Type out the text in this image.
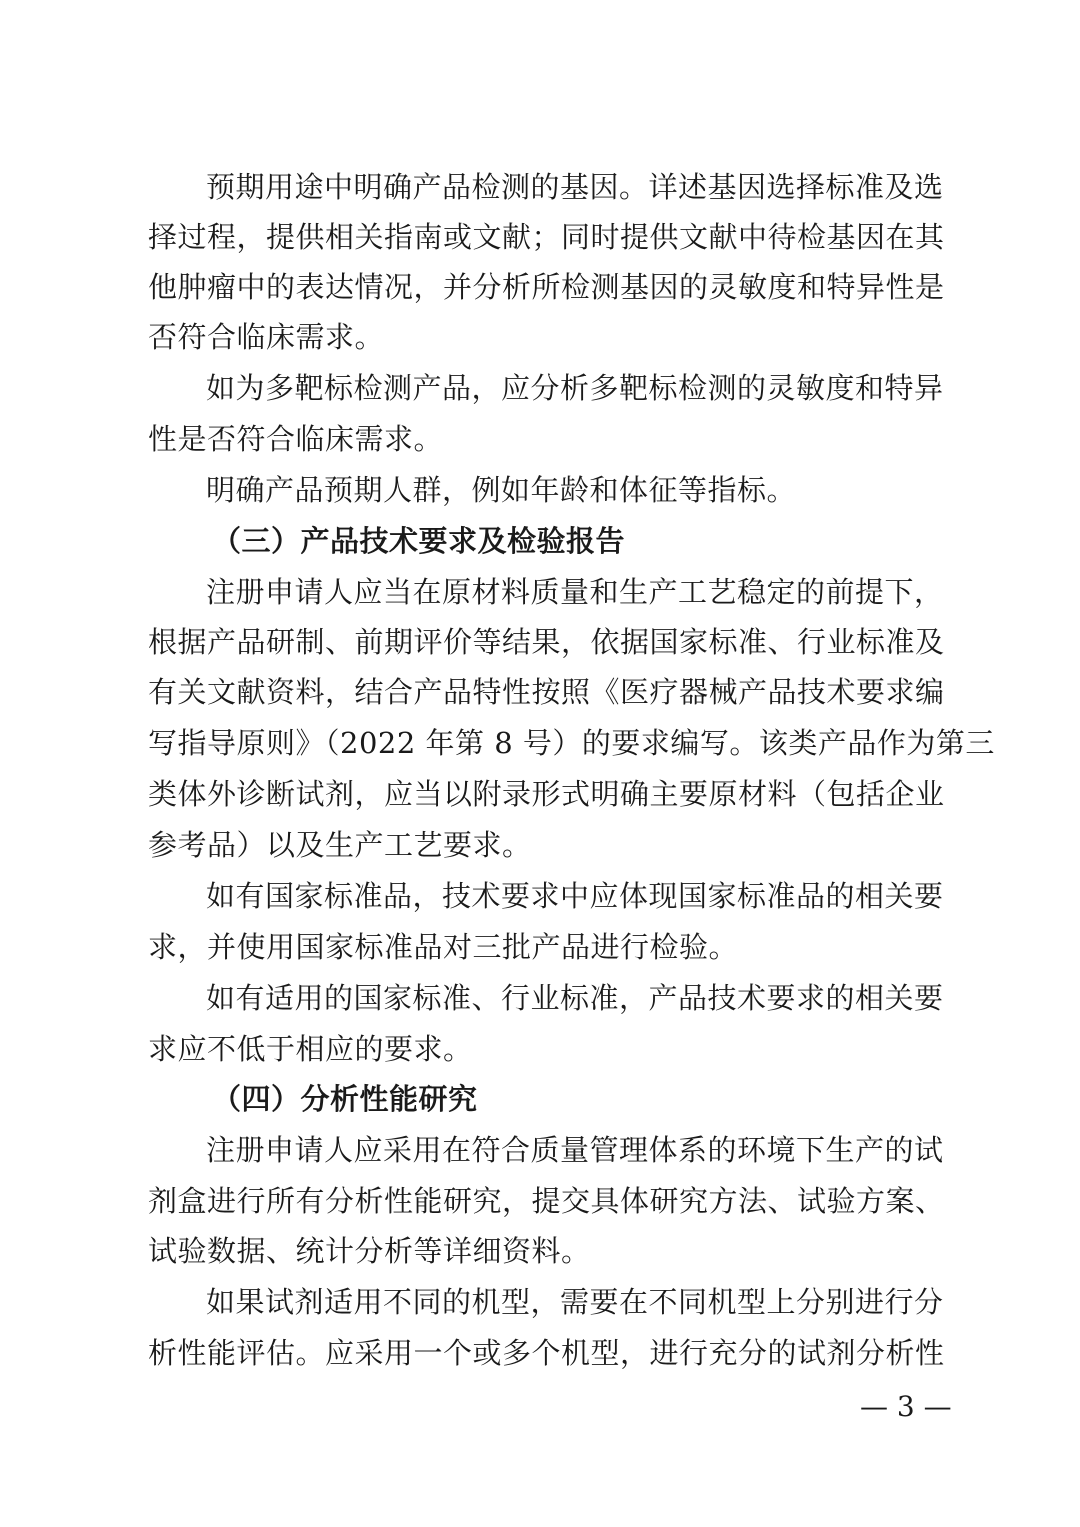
预期用途中明确产品检测的基因。详述基因选择标准及选
择过程，提供相关指南或文献；同时提供文献中待检基因在其
他肿瘤中的表达情况，并分析所检测基因的灵敏度和特异性是
否符合临床需求。
如为多靶标检测产品，应分析多靶标检测的灵敏度和特异
性是否符合临床需求。
明确产品预期人群，例如年龄和体征等指标。
（三）产品技术要求及检验报告
注册申请人应当在原材料质量和生产工艺稳定的前提下，
根据产品研制、前期评价等结果，依据国家标准、行业标准及
有关文献资料，结合产品特性按照《医疗器械产品技术要求编
写指导原则》（2022 年第 8 号）的要求编写。该类产品作为第三
类体外诊断试剂，应当以附录形式明确主要原材料（包括企业
参考品）以及生产工艺要求。
如有国家标准品，技术要求中应体现国家标准品的相关要
求，并使用国家标准品对三批产品进行检验。
如有适用的国家标准、行业标准，产品技术要求的相关要
求应不低于相应的要求。
（四）分析性能研究
注册申请人应采用在符合质量管理体系的环境下生产的试
剂盒进行所有分析性能研究，提交具体研究方法、试验方案、
试验数据、统计分析等详细资料。
如果试剂适用不同的机型，需要在不同机型上分别进行分
析性能评估。应采用一个或多个机型，进行充分的试剂分析性
— 3 —
